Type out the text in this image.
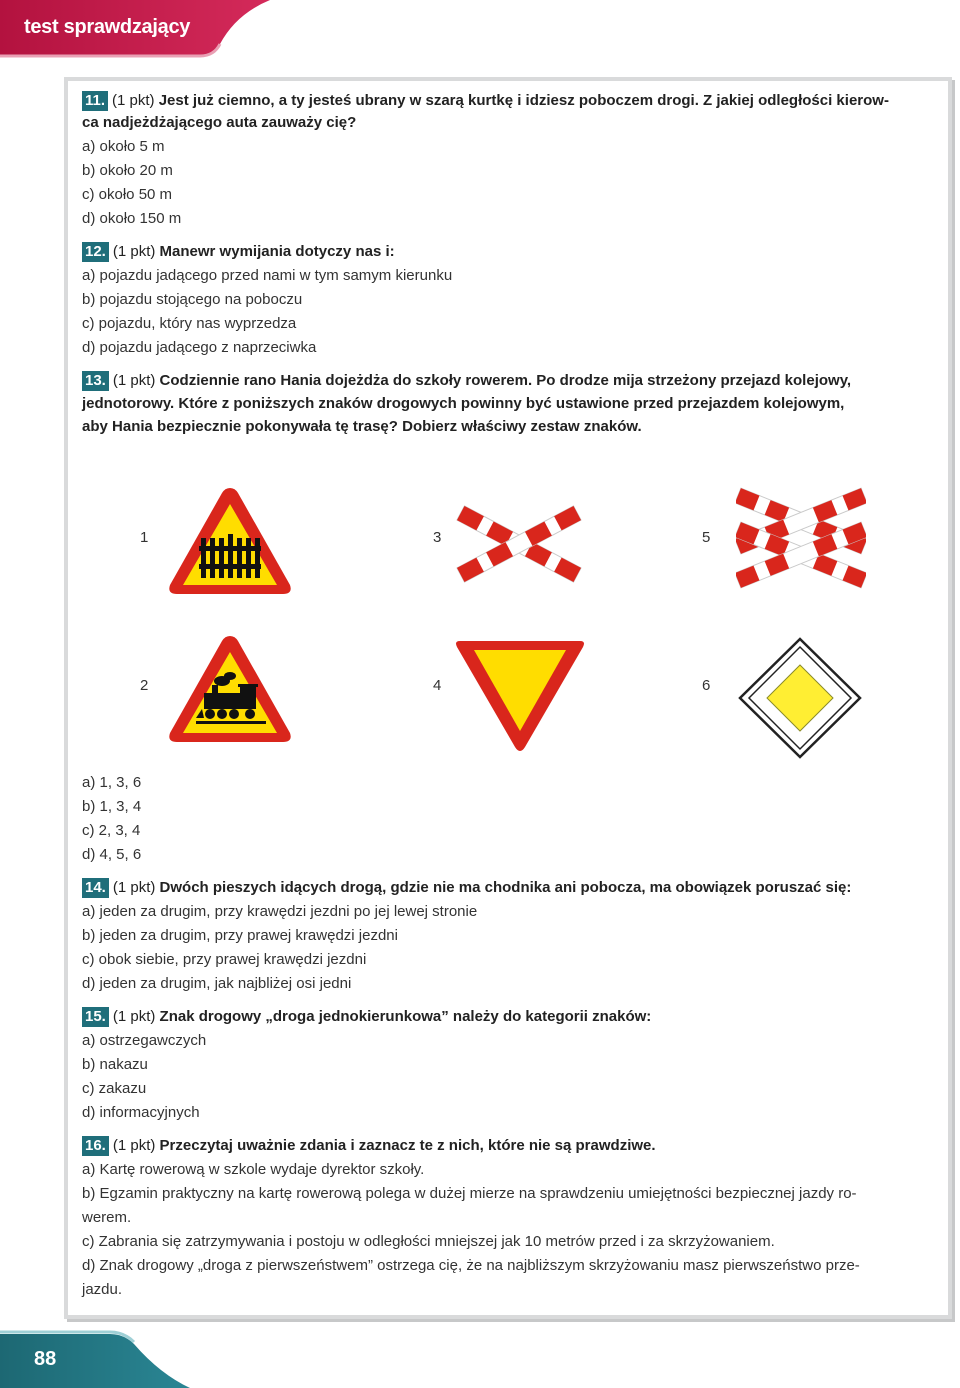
test sprawdzający
11. (1 pkt) Jest już ciemno, a ty jesteś ubrany w szarą kurtkę i idziesz poboczem drogi. Z jakiej odległości kierow-
ca nadjeżdżającego auta zauważy cię?
a) około 5 m
b) około 20 m
c) około 50 m
d) około 150 m
12. (1 pkt) Manewr wymijania dotyczy nas i:
a) pojazdu jadącego przed nami w tym samym kierunku
b) pojazdu stojącego na poboczu
c) pojazdu, który nas wyprzedza
d) pojazdu jadącego z naprzeciwka
13. (1 pkt) Codziennie rano Hania dojeżdża do szkoły rowerem. Po drodze mija strzeżony przejazd kolejowy,
jednotorowy. Które z poniższych znaków drogowych powinny być ustawione przed przejazdem kolejowym,
aby Hania bezpiecznie pokonywała tę trasę? Dobierz właściwy zestaw znaków.
1	3	5
2	4	6
a) 1, 3, 6
b) 1, 3, 4
c) 2, 3, 4
d) 4, 5, 6
14. (1 pkt) Dwóch pieszych idących drogą, gdzie nie ma chodnika ani pobocza, ma obowiązek poruszać się:
a) jeden za drugim, przy krawędzi jezdni po jej lewej stronie
b) jeden za drugim, przy prawej krawędzi jezdni
c) obok siebie, przy prawej krawędzi jezdni
d) jeden za drugim, jak najbliżej osi jedni
15. (1 pkt) Znak drogowy „droga jednokierunkowa” należy do kategorii znaków:
a) ostrzegawczych
b) nakazu
c) zakazu
d) informacyjnych
16. (1 pkt) Przeczytaj uważnie zdania i zaznacz te z nich, które nie są prawdziwe.
a) Kartę rowerową w szkole wydaje dyrektor szkoły.
b) Egzamin praktyczny na kartę rowerową polega w dużej mierze na sprawdzeniu umiejętności bezpiecznej jazdy ro-
werem.
c) Zabrania się zatrzymywania i postoju w odległości mniejszej jak 10 metrów przed i za skrzyżowaniem.
d) Znak drogowy „droga z pierwszeństwem” ostrzega cię, że na najbliższym skrzyżowaniu masz pierwszeństwo prze-
jazdu.
88
